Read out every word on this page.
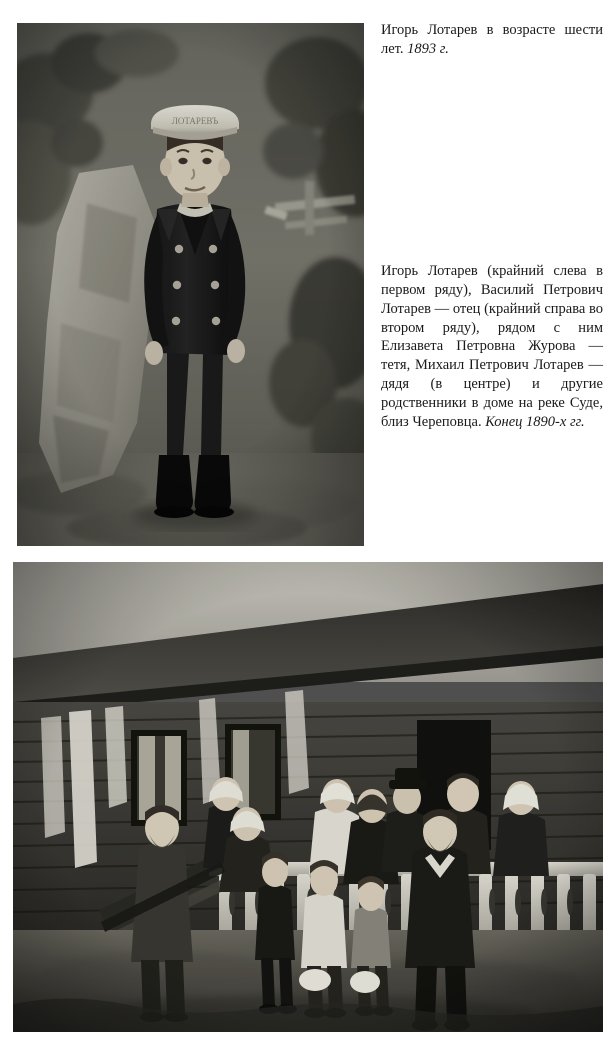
Игорь Лотарев в возрасте шести лет. 1893 г.
Игорь Лотарев (крайний слева в первом ряду), Василий Петрович Лотарев — отец (крайний справа во втором ряду), рядом с ним Елизавета Петровна Журова — тетя, Михаил Петрович Лотарев — дядя (в центре) и другие родственники в доме на реке Суде, близ Череповца. Конец 1890-х гг.
